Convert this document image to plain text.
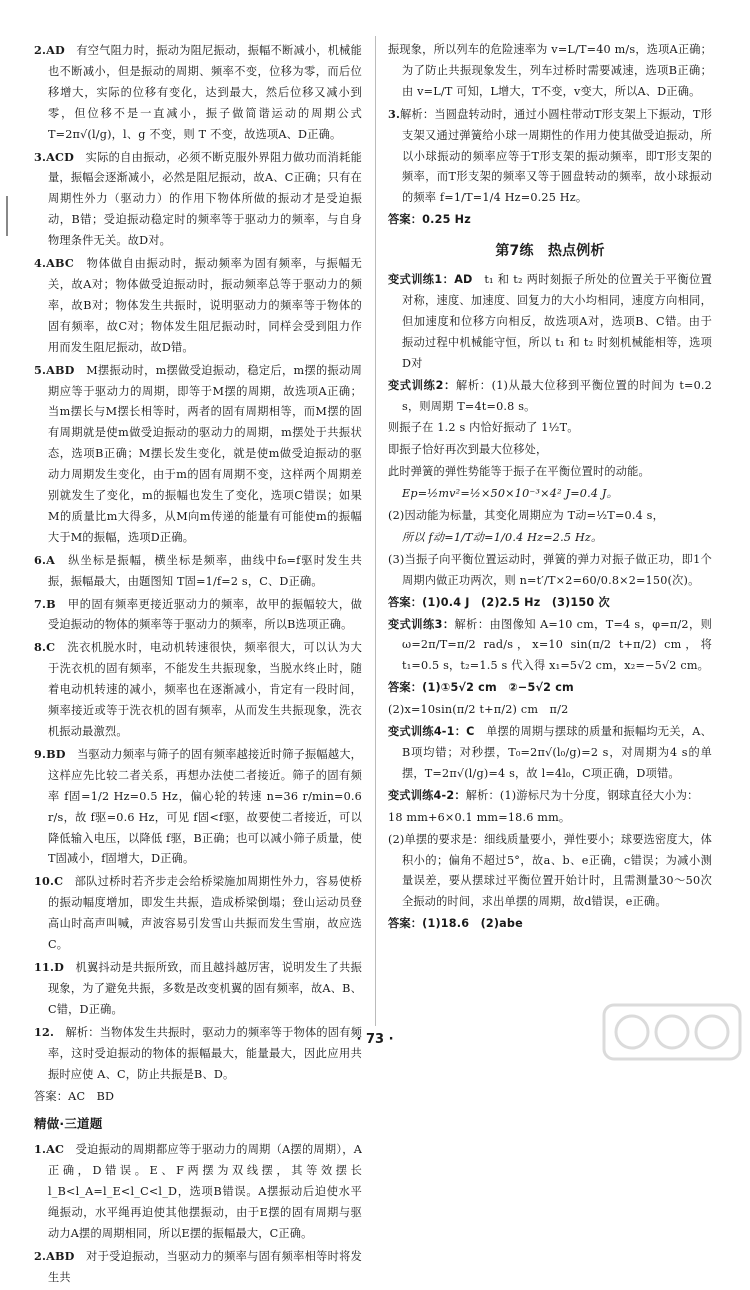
2.AD　 有空气阻力时，振动为阻尼振动，振幅不断减小，机械能也不断减小，但是振动的周期、频率不变，位移为零，而后位移增大，实际的位移有变化，达到最大，然后位移又减小到零，但位移不是一直减小，振子做简谐运动的周期公式 T=2π√(l/g)，l、g 不变，则 T 不变，故选项A、D正确。
3.ACD　 实际的自由振动，必须不断克服外界阻力做功而消耗能量，振幅会逐渐减小，必然是阻尼振动，故A、C正确；只有在周期性外力（驱动力）的作用下物体所做的振动才是受迫振动，B错；受迫振动稳定时的频率等于驱动力的频率，与自身物理条件无关。故D对。
4.ABC　 物体做自由振动时，振动频率为固有频率，与振幅无关，故A对；物体做受迫振动时，振动频率总等于驱动力的频率，故B对；物体发生共振时，说明驱动力的频率等于物体的固有频率，故C对；物体发生阻尼振动时，同样会受到阻力作用而发生阻尼振动，故D错。
5.ABD　 M摆振动时，m摆做受迫振动，稳定后，m摆的振动周期应等于驱动力的周期，即等于M摆的周期，故选项A正确；当m摆长与M摆长相等时，两者的固有周期相等，而M摆的固有周期就是使m做受迫振动的驱动力的周期，m摆处于共振状态，选项B正确；M摆长发生变化，就是使m做受迫振动的驱动力周期发生变化，由于m的固有周期不变，这样两个周期差别就发生了变化，m的振幅也发生了变化，选项C错误；如果M的质量比m大得多，从M向m传递的能量有可能使m的振幅大于M的振幅，选项D正确。
6.A　 纵坐标是振幅，横坐标是频率，曲线中f₀=f驱时发生共振，振幅最大，由题图知 T固=1/f=2 s，C、D正确。
7.B　 甲的固有频率更接近驱动力的频率，故甲的振幅较大，做受迫振动的物体的频率等于驱动力的频率，所以B选项正确。
8.C　 洗衣机脱水时，电动机转速很快，频率很大，可以认为大于洗衣机的固有频率，不能发生共振现象，当脱水终止时，随着电动机转速的减小，频率也在逐渐减小，肯定有一段时间，频率接近或等于洗衣机的固有频率，从而发生共振现象，洗衣机振动最激烈。
9.BD　 当驱动力频率与筛子的固有频率越接近时筛子振幅越大，这样应先比较二者关系，再想办法使二者接近。筛子的固有频率 f固=1/2 Hz=0.5 Hz，偏心轮的转速 n=36 r/min=0.6 r/s，故 f驱=0.6 Hz，可见 f固<f驱，故要使二者接近，可以降低输入电压，以降低 f驱，B正确；也可以减小筛子质量，使 T固减小，f固增大，D正确。
10.C　 部队过桥时若齐步走会给桥梁施加周期性外力，容易使桥的振动幅度增加，即发生共振，造成桥梁倒塌；登山运动员登高山时高声叫喊，声波容易引发雪山共振而发生雪崩，故应选C。
11.D　 机翼抖动是共振所致，而且越抖越厉害，说明发生了共振现象，为了避免共振，多数是改变机翼的固有频率，故A、B、C错，D正确。
12.　 解析：当物体发生共振时，驱动力的频率等于物体的固有频率，这时受迫振动的物体的振幅最大，能量最大，因此应用共振时应使 A、C，防止共振是B、D。
答案：AC　BD
精做·三道题
1.AC　 受迫振动的周期都应等于驱动力的周期（A摆的周期），A正确，D错误。E、F两摆为双线摆，其等效摆长 l_B<l_A=l_E<l_C<l_D，选项B错误。A摆振动后迫使水平绳振动，水平绳再迫使其他摆振动，由于E摆的固有周期与驱动力A摆的周期相同，所以E摆的振幅最大，C正确。
2.ABD　 对于受迫振动，当驱动力的频率与固有频率相等时将发生共
振现象，所以列车的危险速率为 v=L/T=40 m/s，选项A正确；为了防止共振现象发生，列车过桥时需要减速，选项B正确；由 v=L/T 可知，L增大，T不变，v变大，所以A、D正确。
3.解析：当圆盘转动时，通过小圆柱带动T形支架上下振动，T形支架又通过弹簧给小球一周期性的作用力使其做受迫振动，所以小球振动的频率应等于T形支架的振动频率，即T形支架的频率，而T形支架的频率又等于圆盘转动的频率，故小球振动的频率 f=1/T=1/4 Hz=0.25 Hz。
答案：0.25 Hz
第7练　热点例析
变式训练1：AD　 t₁ 和 t₂ 两时刻振子所处的位置关于平衡位置对称，速度、加速度、回复力的大小均相同，速度方向相同，但加速度和位移方向相反，故选项A对，选项B、C错。由于振动过程中机械能守恒，所以 t₁ 和 t₂ 时刻机械能相等，选项D对
变式训练2：解析：(1)从最大位移到平衡位置的时间为 t=0.2 s，则周期 T=4t=0.8 s。
则振子在 1.2 s 内恰好振动了 1½T。
即振子恰好再次到最大位移处，
此时弹簧的弹性势能等于振子在平衡位置时的动能。
Ep=½mv²=½×50×10⁻³×4² J=0.4 J。
(2)因动能为标量，其变化周期应为 T动=½T=0.4 s，
所以 f动=1/T动=1/0.4 Hz=2.5 Hz。
(3)当振子向平衡位置运动时，弹簧的弹力对振子做正功，即1个周期内做正功两次，则 n=t′/T×2=60/0.8×2=150(次)。
答案：(1)0.4 J　(2)2.5 Hz　(3)150 次
变式训练3：解析：由图像知 A=10 cm，T=4 s，φ=π/2，则 ω=2π/T=π/2 rad/s，x=10 sin(π/2 t+π/2) cm，将 t₁=0.5 s，t₂=1.5 s 代入得 x₁=5√2 cm，x₂=−5√2 cm。
答案：(1)①5√2 cm　②−5√2 cm
(2)x=10sin(π/2 t+π/2) cm　π/2
变式训练4-1：C　 单摆的周期与摆球的质量和振幅均无关，A、B项均错；对秒摆，T₀=2π√(l₀/g)=2 s，对周期为4 s的单摆，T=2π√(l/g)=4 s，故 l=4l₀，C项正确，D项错。
变式训练4-2：解析：(1)游标尺为十分度，钢球直径大小为：
18 mm+6×0.1 mm=18.6 mm。
(2)单摆的要求是：细线质量要小，弹性要小；球要选密度大，体积小的；偏角不超过5°，故a、b、e正确，c错误；为减小测量误差，要从摆球过平衡位置开始计时，且需测量30～50次全振动的时间，求出单摆的周期，故d错误，e正确。
答案：(1)18.6　(2)abe
· 73 ·
